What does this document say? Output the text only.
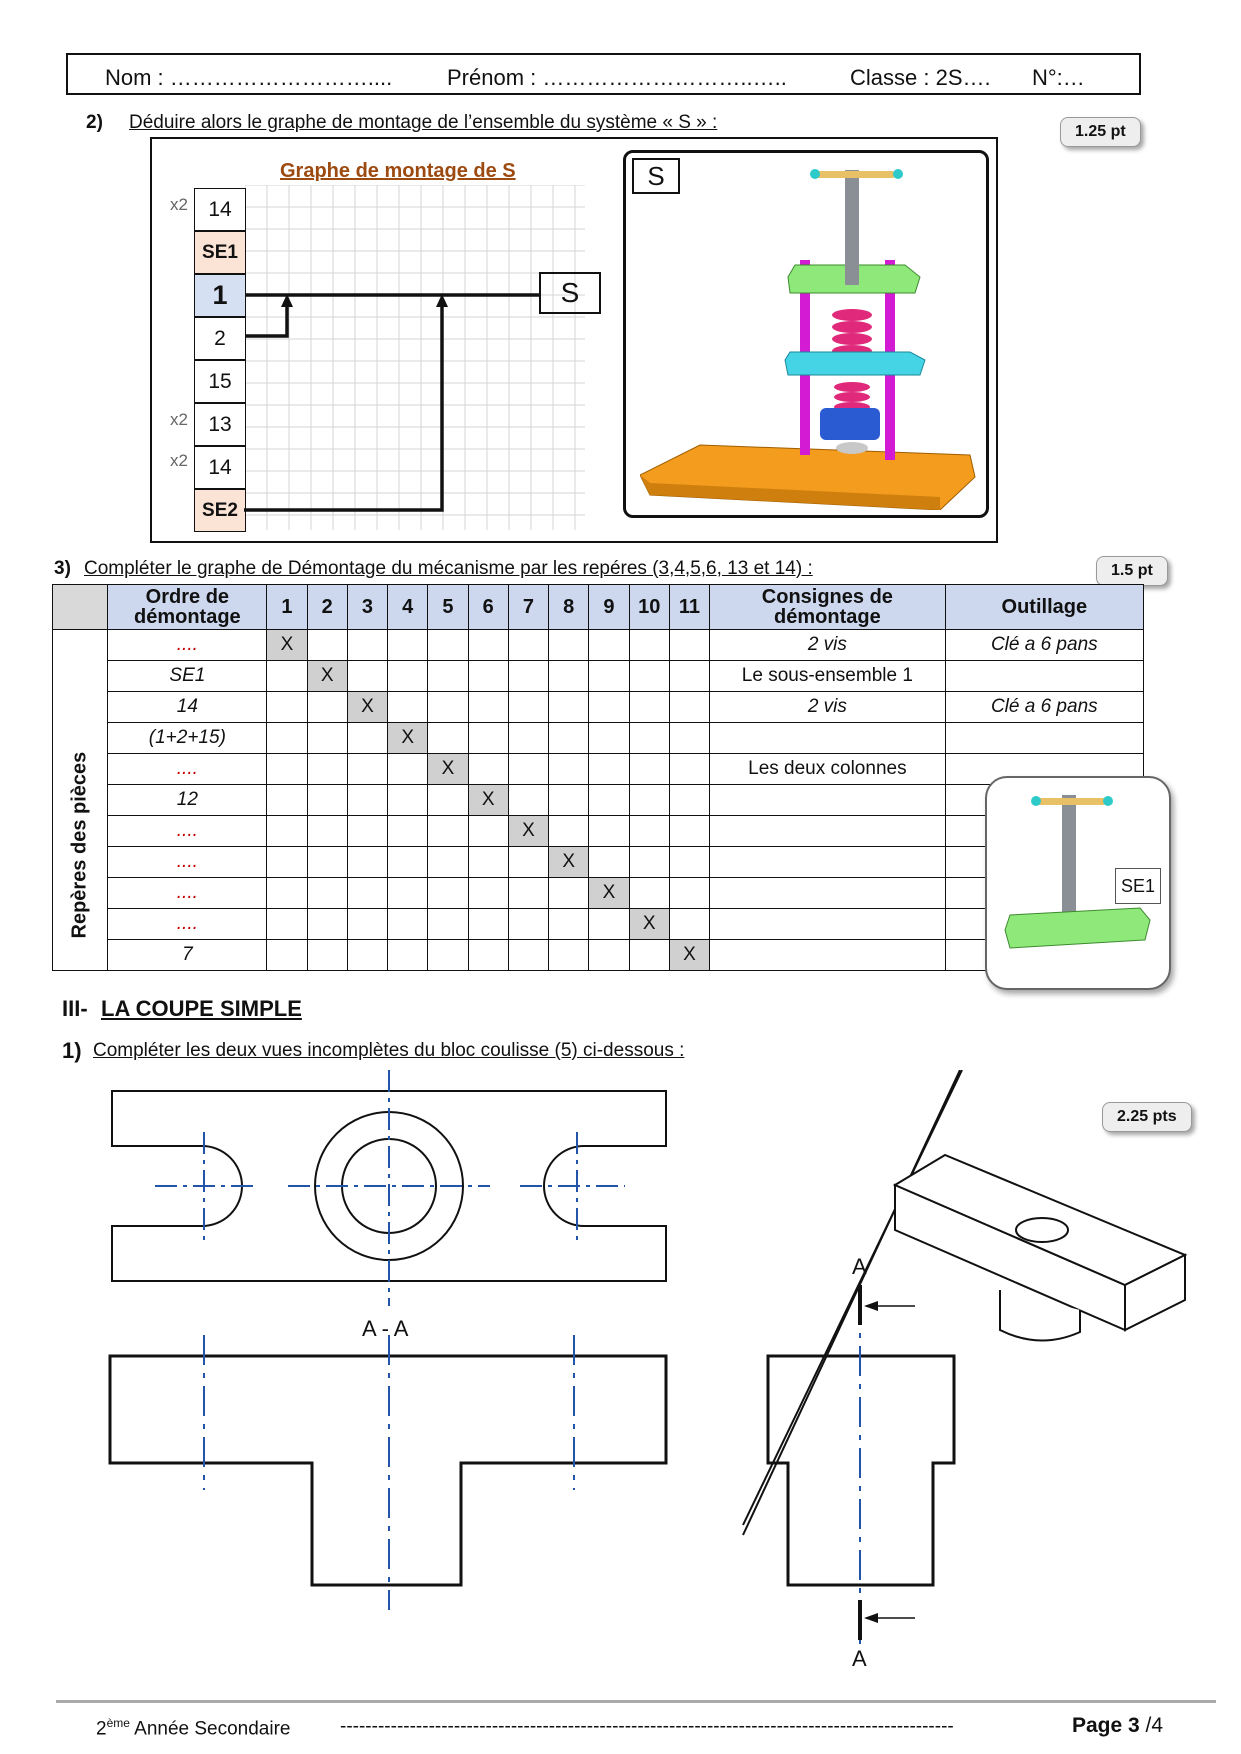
Nom : ……………………….... Prénom : ………………………..…..	Classe : 2S…. N°:…
2) Déduire alors le graphe de montage de l’ensemble du système « S » :	1.25 pt
Graphe de montage de S
14
SE1
1
2
15
13
14
SE2
x2
x2
x2
S
S
3) Compléter le graphe de Démontage du mécanisme par les repéres (3,4,5,6, 13 et 14) :	1.5 pt
	Ordre de démontage	1	2	3	4	5	6	7	8	9	10	11	Consignes de démontage	Outillage
	....	X											2 vis	Clé a 6 pans
	SE1		X										Le sous-ensemble 1	
	14			X									2 vis	Clé a 6 pans
	(1+2+15)				X									
	....					X							Les deux colonnes	
	12						X							
	....							X						
	....								X					
	....									X				
	....										X			
	7											X		
Repères des pièces	SE1
III- LA COUPE SIMPLE
1) Compléter les deux vues incomplètes du bloc coulisse (5) ci-dessous :
2.25 pts
A - A
A
A
2ème Année Secondaire	-------------------------------------------------------------------------------------------------	Page 3 /4
